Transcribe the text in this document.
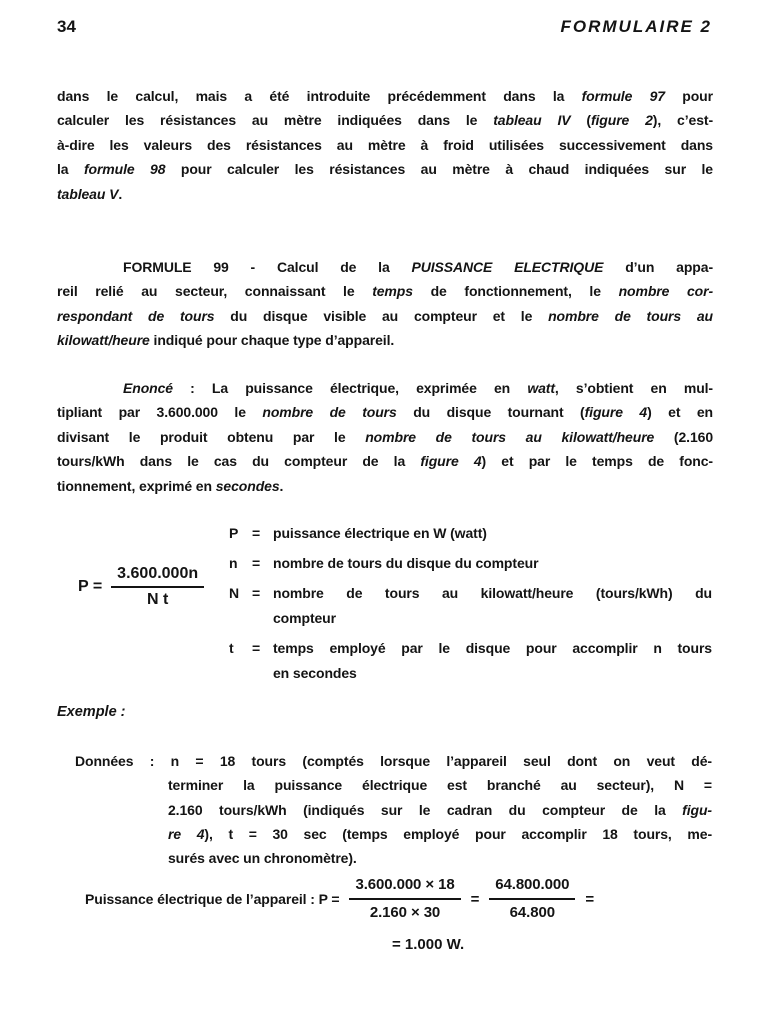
34	FORMULAIRE 2
dans le calcul, mais a été introduite précédemment dans la formule 97 pour
calculer les résistances au mètre indiquées dans le tableau IV (figure 2), c’est-
à-dire les valeurs des résistances au mètre à froid utilisées successivement dans
la formule 98 pour calculer les résistances au mètre à chaud indiquées sur le
tableau V.
FORMULE 99 - Calcul de la PUISSANCE ELECTRIQUE d’un appa-
reil relié au secteur, connaissant le temps de fonctionnement, le nombre cor-
respondant de tours du disque visible au compteur et le nombre de tours au
kilowatt/heure indiqué pour chaque type d’appareil.
Enoncé : La puissance électrique, exprimée en watt, s’obtient en mul-
tipliant par 3.600.000 le nombre de tours du disque tournant (figure 4) et en
divisant le produit obtenu par le nombre de tours au kilowatt/heure (2.160
tours/kWh dans le cas du compteur de la figure 4) et par le temps de fonc-
tionnement, exprimé en secondes.
$P = \frac{3.600.000n}{\text{N t}}$
P = puissance électrique en W (watt)
n	= nombre de tours du disque du compteur
N = nombre de tours au kilowatt/heure (tours/kWh) du
compteur
t	= temps employé par le disque pour accomplir n tours
en secondes
Exemple :
Données : n = 18 tours (comptés lorsque l’appareil seul dont on veut dé-
terminer la puissance électrique est branché au secteur), N =
2.160 tours/kWh (indiqués sur le cadran du compteur de la figu-
re 4), t = 30 sec (temps employé pour accomplir 18 tours, me-
surés avec un chronomètre).
Puissance électrique de l’appareil : $P = \frac{3.600.000 \times 18}{2.160 \times 30} = \frac{64.800.000}{64.800}$ =
= 1.000 W.
